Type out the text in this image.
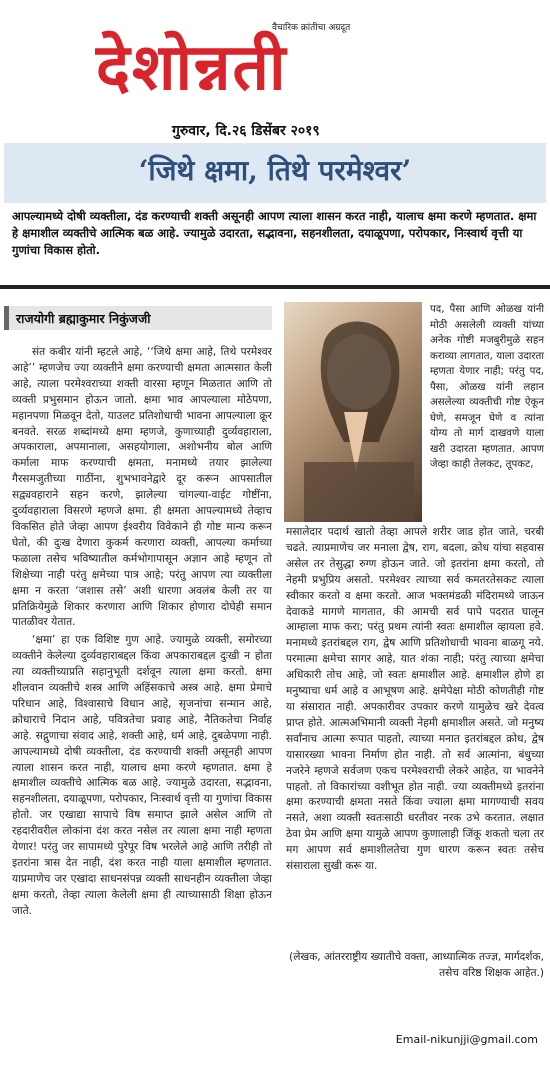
वैचारिक क्रांतीचा अग्रदूत
देशोन्नती
गुरुवार, दि.२६ डिसेंबर २०१९
‘जिथे क्षमा, तिथे परमेश्वर’
आपल्यामध्ये दोषी व्यक्तीला, दंड करण्याची शक्ती असूनही आपण त्याला शासन करत नाही, यालाच क्षमा करणे म्हणतात. क्षमा हे क्षमाशील व्यक्तीचे आत्मिक बळ आहे. ज्यामुळे उदारता, सद्भावना, सहनशीलता, दयाळूपणा, परोपकार, निःस्वार्थ वृत्ती या गुणांचा विकास होतो.
राजयोगी ब्रह्माकुमार निकुंजजी

संत कबीर यांनी म्हटले आहे, ‘‘जिथे क्षमा आहे, तिथे परमेश्वर आहे’’ म्हणजेच ज्या व्यक्तीने क्षमा करण्याची क्षमता आत्मसात केली आहे, त्याला परमेश्वराच्या शक्ती वारसा म्हणून मिळतात आणि तो व्यक्ती प्रभुसमान होऊन जातो. क्षमा भाव आपल्याला मोठेपणा, महानपणा मिळवून देतो, याउलट प्रतिशोधाची भावना आपल्याला क्रूर बनवते. सरळ शब्दांमध्ये क्षमा म्हणजे, कुणाच्याही दुर्व्यवहाराला, अपकाराला, अपमानाला, असहयोगाला, अशोभनीय बोल आणि कर्माला माफ करण्याची क्षमता, मनामध्ये तयार झालेल्या गैरसमजुतीच्या गाठींना, शुभभावनेद्वारे दूर करून आपसातील सद्व्यवहाराने सहन करणे, झालेल्या चांगल्या-वाईट गोष्टींना, दुर्व्यवहाराला विसरणे म्हणजे क्षमा. ही क्षमता आपल्यामध्ये तेव्हाच विकसित होते जेव्हा आपण ईश्वरीय विवेकाने ही गोष्ट मान्य करून घेतो, की दुःख देणारा कुकर्म करणारा व्यक्ती, आपल्या कर्माच्या फळाला तसेच भविष्यातील कर्मभोगापासून अज्ञान आहे म्हणून तो शिक्षेच्या नाही परंतु क्षमेच्या पात्र आहे; परंतु आपण त्या व्यक्तीला क्षमा न करता ‘जशास तसे’ अशी धारणा अवलंब केली तर या प्रतिक्रियेमुळे शिकार करणारा आणि शिकार होणारा दोघेही समान पातळीवर येतात.

‘क्षमा’ हा एक विशिष्ट गुण आहे. ज्यामुळे व्यक्ती, समोरच्या व्यक्तीने केलेल्या दुर्व्यवहाराबद्दल किंवा अपकाराबद्दल दुःखी न होता त्या व्यक्तीच्याप्रति सहानुभूती दर्शवून त्याला क्षमा करतो. क्षमा शीलवान व्यक्तीचे शस्त्र आणि अहिंसकाचे अस्त्र आहे. क्षमा प्रेमाचे परिधान आहे, विश्वासाचे विधान आहे, सृजनांचा सन्मान आहे, क्रोधाराचे निदान आहे, पवित्रतेचा प्रवाह आहे, नैतिकतेचा निर्वाह आहे. सद्गुणाचा संवाद आहे, शक्ती आहे, धर्म आहे, दुबळेपणा नाही. आपल्यामध्ये दोषी व्यक्तीला, दंड करण्याची शक्ती असूनही आपण त्याला शासन करत नाही, यालाच क्षमा करणे म्हणतात. क्षमा हे क्षमाशील व्यक्तीचे आत्मिक बळ आहे. ज्यामुळे उदारता, सद्भावना, सहनशीलता, दयाळूपणा, परोपकार, निःस्वार्थ वृत्ती या गुणांचा विकास होतो. जर एखाद्या सापाचे विष समाप्त झाले असेल आणि तो रहदारीवरील लोकांना दंश करत नसेल तर त्याला क्षमा नाही म्हणता येणार! परंतु जर सापामध्ये पुरेपूर विष भरलेले आहे आणि तरीही तो इतरांना त्रास देत नाही, दंश करत नाही याला क्षमाशील म्हणतात. याप्रमाणेच जर एखादा साधनसंपन्न व्यक्ती साधनहीन व्यक्तीला जेव्हा क्षमा करतो, तेव्हा त्याला केलेली क्षमा ही त्याच्यासाठी शिक्षा होऊन जाते.

पद, पैसा आणि ओळख यांनी मोठी असलेली व्यक्ती यांच्या अनेक गोष्टी मजबुरीमुळे सहन कराव्या लागतात, याला उदारता म्हणता येणार नाही; परंतु पद, पैसा, ओळख यांनी लहान असलेल्या व्यक्तीची गोष्ट ऐकून घेणे, समजून घेणे व त्यांना योग्य तो मार्ग दाखवणे याला खरी उदारता म्हणतात. आपण जेव्हा काही तेलकट, तूपकट,
मसालेदार पदार्थ खातो तेव्हा आपले शरीर जाड होत जाते, चरबी चढते. त्याप्रमाणेच जर मनाला द्वेष, राग, बदला, क्रोध यांचा सहवास असेल तर तेसुद्धा रुग्ण होऊन जाते. जो इतरांना क्षमा करतो, तो नेहमी प्रभुप्रिय असतो. परमेश्वर त्याच्या सर्व कमतरतेसकट त्याला स्वीकार करतो व क्षमा करतो. आज भक्तमंडळी मंदिरामध्ये जाऊन देवाकडे मागणे मागतात, की आमची सर्व पापे पदरात घालून आम्हाला माफ करा; परंतु प्रथम त्यांनी स्वतः क्षमाशील व्हायला हवे. मनामध्ये इतरांबद्दल राग, द्वेष आणि प्रतिशोधाची भावना बाळगू नये. परमात्मा क्षमेचा सागर आहे, यात शंका नाही; परंतु त्याच्या क्षमेचा अधिकारी तोच आहे, जो स्वतः क्षमाशील आहे. क्षमाशील होणे हा मनुष्याचा धर्म आहे व आभूषण आहे. क्षमेपेक्षा मोठी कोणतीही गोष्ट या संसारात नाही. अपकारीवर उपकार करणे यामुळेच खरे देवत्व प्राप्त होते. आत्मअभिमानी व्यक्ती नेहमी क्षमाशील असते. जो मनुष्य सर्वांनाच आत्मा रूपात पाहतो, त्याच्या मनात इतरांबद्दल क्रोध, द्वेष यासारख्या भावना निर्माण होत नाही. तो सर्व आत्मांना, बंधुच्या नजरेने म्हणजे सर्वजण एकच परमेश्वराची लेकरे आहेत, या भावनेने पाहतो. तो विकारांच्या वशीभूत होत नाही. ज्या व्यक्तीमध्ये इतरांना क्षमा करण्याची क्षमता नसते किंवा ज्याला क्षमा मागण्याची सवय नसते, अशा व्यक्ती स्वतःसाठी धरतीवर नरक उभे करतात. लक्षात ठेवा प्रेम आणि क्षमा यामुळे आपण कुणालाही जिंकू शकतो चला तर मग आपण सर्व क्षमाशीलतेचा गुण धारण करून स्वतः तसेच संसाराला सुखी करू या.
(लेखक, आंतरराष्ट्रीय ख्यातीचे वक्ता, आध्यात्मिक तज्ज्ञ, मार्गदर्शक, तसेच वरिष्ठ शिक्षक आहेत.)
Email-nikunjji@gmail.com
